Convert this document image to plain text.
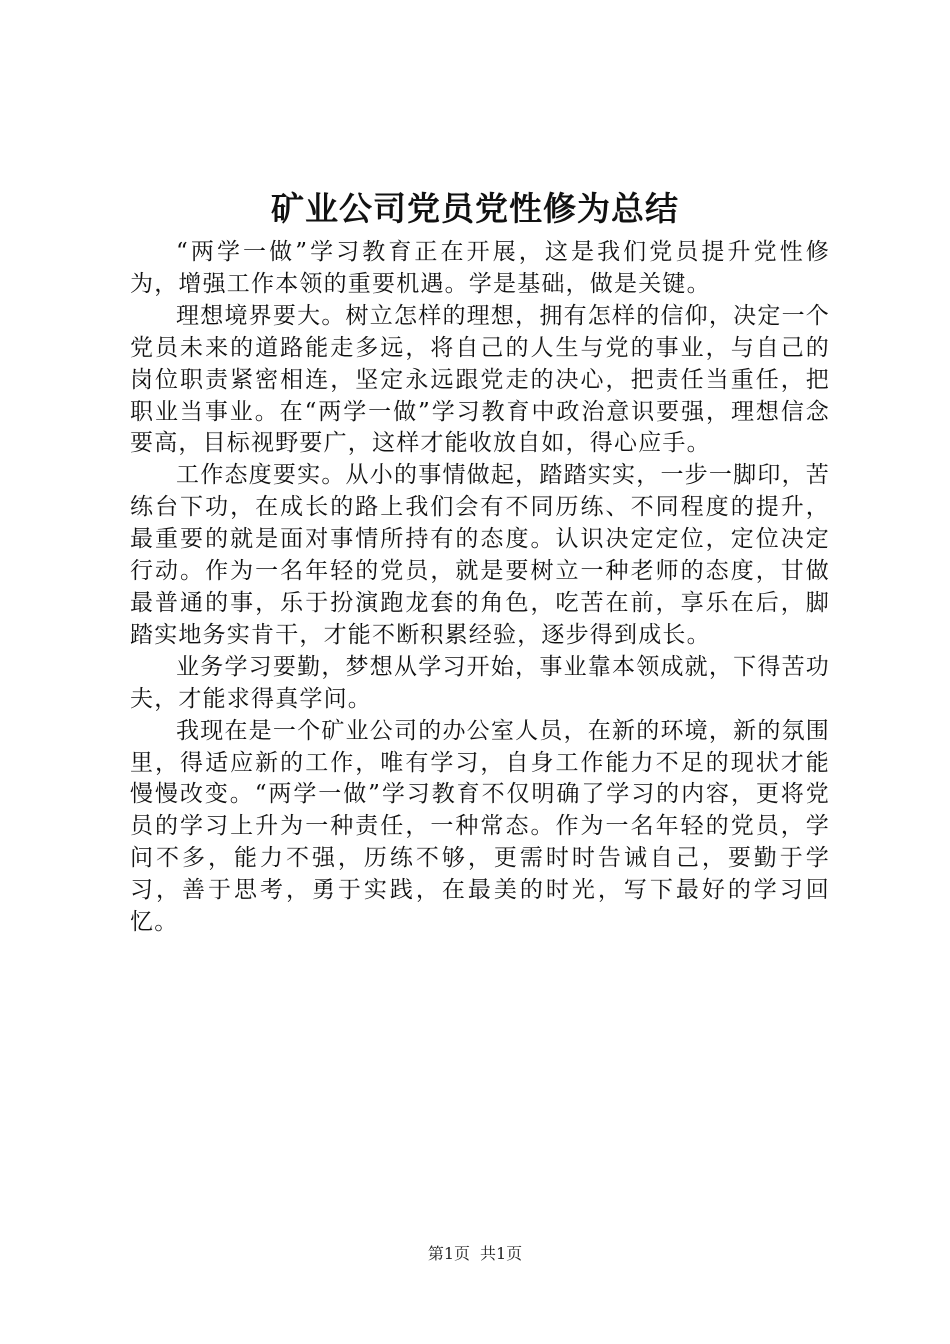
矿业公司党员党性修为总结

“两学一做”学习教育正在开展，这是我们党员提升党性修为，增强工作本领的重要机遇。学是基础，做是关键。

理想境界要大。树立怎样的理想，拥有怎样的信仰，决定一个党员未来的道路能走多远，将自己的人生与党的事业，与自己的岗位职责紧密相连，坚定永远跟党走的决心，把责任当重任，把职业当事业。在“两学一做”学习教育中政治意识要强，理想信念要高，目标视野要广，这样才能收放自如，得心应手。

工作态度要实。从小的事情做起，踏踏实实，一步一脚印，苦练台下功，在成长的路上我们会有不同历练、不同程度的提升，最重要的就是面对事情所持有的态度。认识决定定位，定位决定行动。作为一名年轻的党员，就是要树立一种老师的态度，甘做最普通的事，乐于扮演跑龙套的角色，吃苦在前，享乐在后，脚踏实地务实肯干，才能不断积累经验，逐步得到成长。

业务学习要勤，梦想从学习开始，事业靠本领成就，下得苦功夫，才能求得真学问。

我现在是一个矿业公司的办公室人员，在新的环境，新的氛围里，得适应新的工作，唯有学习，自身工作能力不足的现状才能慢慢改变。“两学一做”学习教育不仅明确了学习的内容，更将党员的学习上升为一种责任，一种常态。作为一名年轻的党员，学问不多，能力不强，历练不够，更需时时告诫自己，要勤于学习，善于思考，勇于实践，在最美的时光，写下最好的学习回忆。

第1页 共1页
